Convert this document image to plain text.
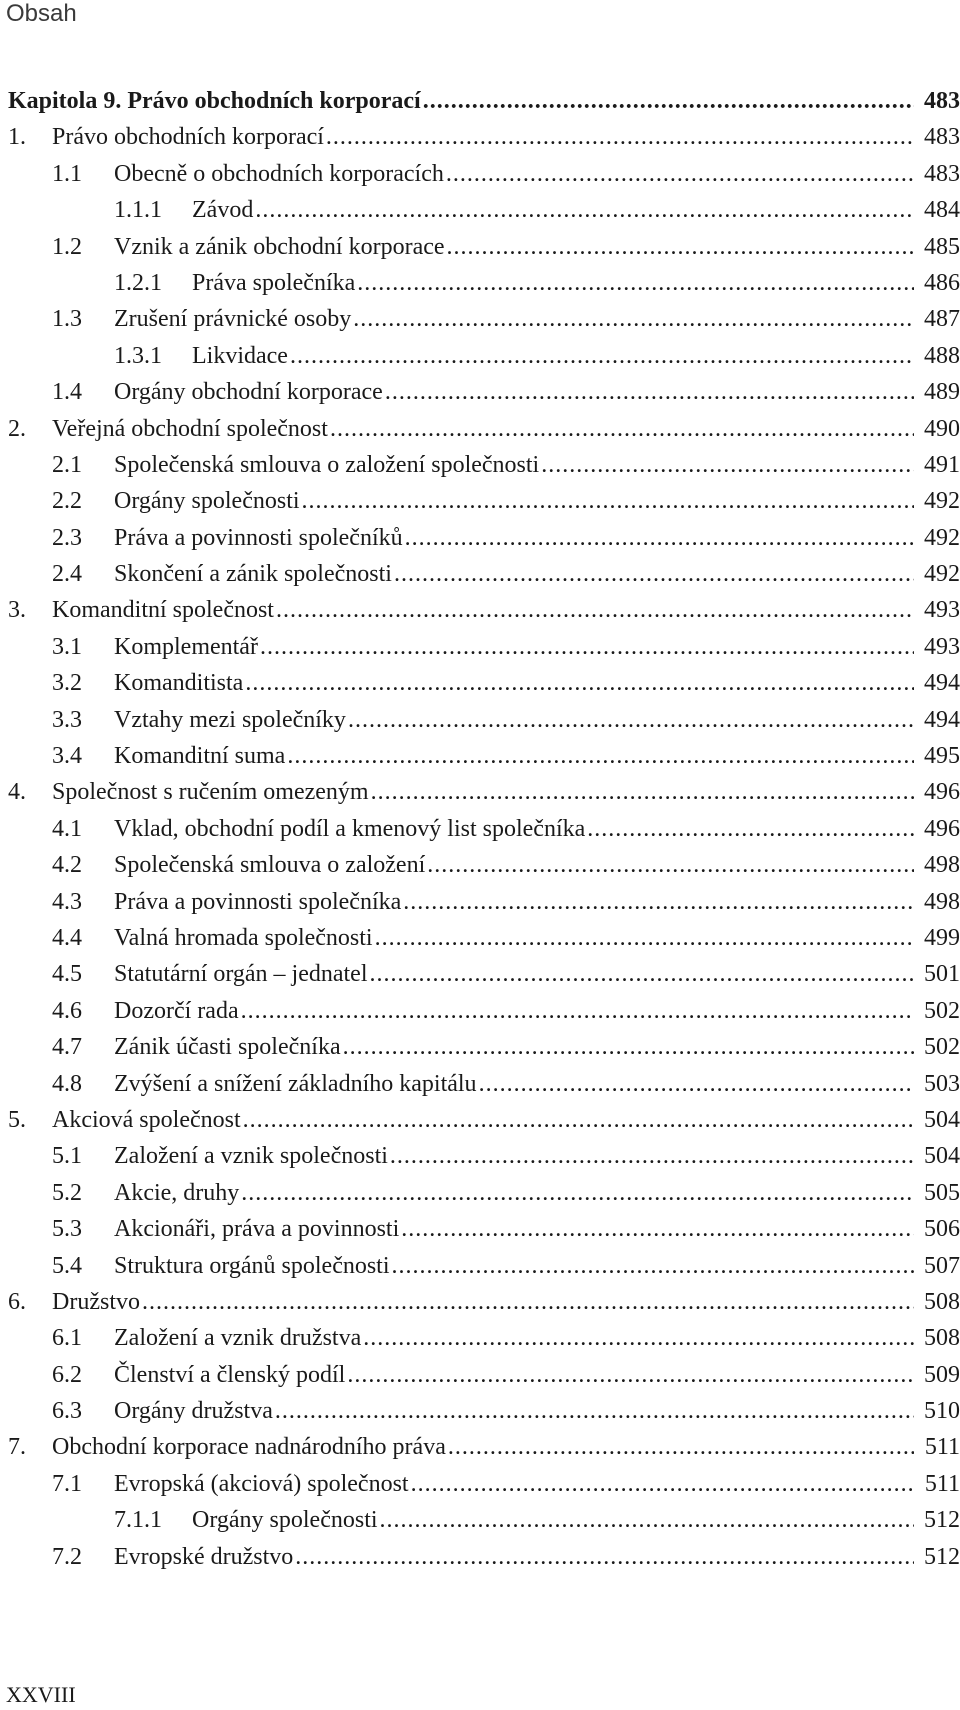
Obsah
Kapitola 9. Právo obchodních korporací .....	483
1.	Právo obchodních korporací .....	483
1.1	Obecně o obchodních korporacích .....	483
1.1.1	Závod .....	484
1.2	Vznik a zánik obchodní korporace .....	485
1.2.1	Práva společníka .....	486
1.3	Zrušení právnické osoby .....	487
1.3.1	Likvidace .....	488
1.4	Orgány obchodní korporace .....	489
2.	Veřejná obchodní společnost .....	490
2.1	Společenská smlouva o založení společnosti .....	491
2.2	Orgány společnosti .....	492
2.3	Práva a povinnosti společníků .....	492
2.4	Skončení a zánik společnosti .....	492
3.	Komanditní společnost .....	493
3.1	Komplementář .....	493
3.2	Komanditista .....	494
3.3	Vztahy mezi společníky .....	494
3.4	Komanditní suma .....	495
4.	Společnost s ručením omezeným .....	496
4.1	Vklad, obchodní podíl a kmenový list společníka .....	496
4.2	Společenská smlouva o založení .....	498
4.3	Práva a povinnosti společníka .....	498
4.4	Valná hromada společnosti .....	499
4.5	Statutární orgán – jednatel .....	501
4.6	Dozorčí rada .....	502
4.7	Zánik účasti společníka .....	502
4.8	Zvýšení a snížení základního kapitálu .....	503
5.	Akciová společnost .....	504
5.1	Založení a vznik společnosti .....	504
5.2	Akcie, druhy .....	505
5.3	Akcionáři, práva a povinnosti .....	506
5.4	Struktura orgánů společnosti .....	507
6.	Družstvo .....	508
6.1	Založení a vznik družstva .....	508
6.2	Členství a členský podíl .....	509
6.3	Orgány družstva .....	510
7.	Obchodní korporace nadnárodního práva .....	511
7.1	Evropská (akciová) společnost .....	511
7.1.1	Orgány společnosti .....	512
7.2	Evropské družstvo .....	512
XXVIII
